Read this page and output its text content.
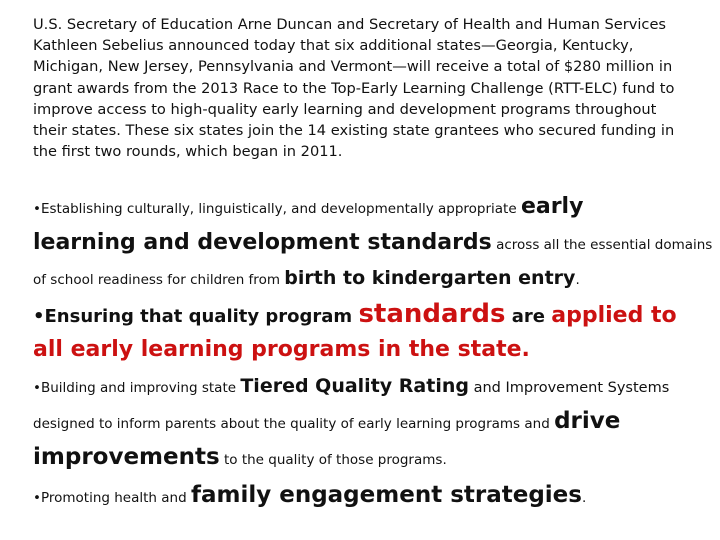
U.S. Secretary of Education Arne Duncan and Secretary of Health and Human Services Kathleen Sebelius announced today that six additional states—Georgia, Kentucky, Michigan, New Jersey, Pennsylvania and Vermont—will receive a total of $280 million in grant awards from the 2013 Race to the Top-Early Learning Challenge (RTT-ELC) fund to improve access to high-quality early learning and development programs throughout their states. These six states join the 14 existing state grantees who secured funding in the first two rounds, which began in 2011.

•Establishing culturally, linguistically, and developmentally appropriate early
learning and development standards across all the essential domains
of school readiness for children from birth to kindergarten entry.

•Ensuring that quality program standards are applied to all early learning programs in the state.

•Building and improving state Tiered Quality Rating and Improvement Systems
designed to inform parents about the quality of early learning programs and drive
improvements to the quality of those programs.

•Promoting health and family engagement strategies.
